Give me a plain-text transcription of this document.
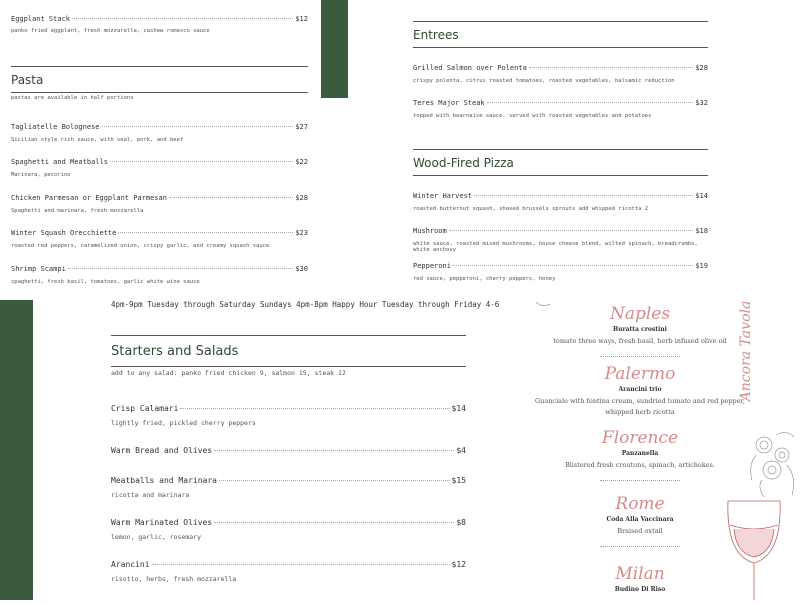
Eggplant Stack	$12
panko fried eggplant, fresh mozzarella, cashew romesco sauce
Pasta
pastas are available in half portions
Tagliatelle Bolognese	$27
Sicilian style rich sauce, with veal, pork, and beef
Spaghetti and Meatballs	$22
Marinara, pecorino
Chicken Parmesan or Eggplant Parmesan	$28
Spaghetti and marinara, fresh mozzarella
Winter Squash Orecchiette	$23
roasted red peppers, caramelized onion, crispy garlic, and creamy squash sauce
Shrimp Scampi	$30
spaghetti, fresh basil, tomatoes, garlic white wine sauce
Entrees
Grilled Salmon over Polenta	$28
crispy polenta, citrus roasted tomatoes, roasted vegetables, balsamic reduction
Teres Major Steak	$32
topped with bearnaise sauce, served with roasted vegetables and potatoes
Wood-Fired Pizza
Winter Harvest	$14
roasted butternut squash, shaved brussels sprouts add whipped ricotta 2
Mushroom	$18
white sauce, roasted mixed mushrooms, house cheese blend, wilted spinach, breadcrumbs, white anchovy
Pepperoni	$19
red sauce, pepperoni, cherry peppers, honey
4pm-9pm Tuesday through Saturday Sundays 4pm-8pm Happy Hour Tuesday through Friday 4-6
Starters and Salads
add to any salad: panko fried chicken 9, salmon 15, steak 12
Crisp Calamari	$14
lightly fried, pickled cherry peppers
Warm Bread and Olives	$4
Meatballs and Marinara	$15
ricotta and marinara
Warm Marinated Olives	$8
lemon, garlic, rosemary
Arancini	$12
risotto, herbs, fresh mozzarella
Naples
Buratta crostini
tomato three ways, fresh basil, herb infused olive oil
Palermo
Arancini trio
Guanciale with fontina cream, sundried tomato and red pepper, whipped herb ricotta
Florence
Panzanella
Blistered fresh croutons, spinach, artichokes.
Rome
Coda Alla Vaccinara
Braised oxtail
Milan
Budino Di Riso
Ancora Tavola
